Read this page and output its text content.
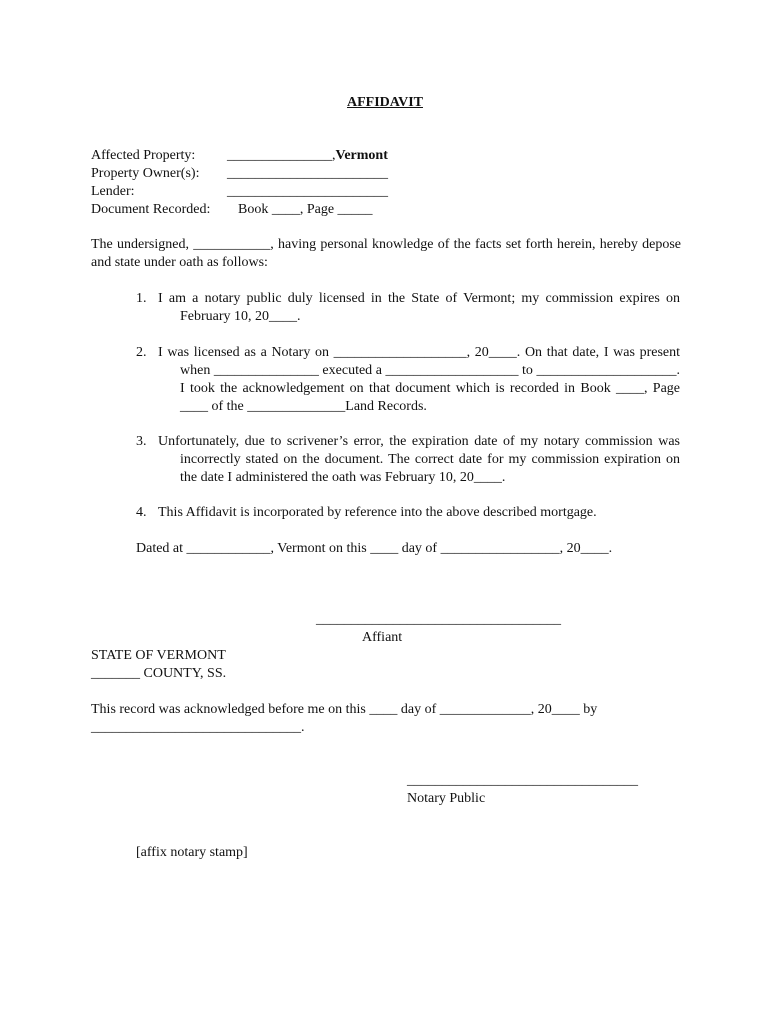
AFFIDAVIT
Affected Property: _______________,Vermont
Property Owner(s): _______________________
Lender:	_______________________
Document Recorded: Book ____, Page _____
The undersigned, ___________, having personal knowledge of the facts set forth herein, hereby depose and state under oath as follows:
1. I am a notary public duly licensed in the State of Vermont; my commission expires on February 10, 20____.
2. I was licensed as a Notary on ___________________, 20____. On that date, I was present when _______________ executed a ___________________ to ____________________. I took the acknowledgement on that document which is recorded in Book ____, Page ____ of the ______________Land Records.
3. Unfortunately, due to scrivener’s error, the expiration date of my notary commission was incorrectly stated on the document. The correct date for my commission expiration on the date I administered the oath was February 10, 20____.
4. This Affidavit is incorporated by reference into the above described mortgage.
Dated at ____________, Vermont on this ____ day of _________________, 20____.
___________________________________
Affiant
STATE OF VERMONT
_______ COUNTY, SS.
This record was acknowledged before me on this ____ day of _____________, 20____ by ______________________________.
_________________________________
Notary Public
[affix notary stamp]
